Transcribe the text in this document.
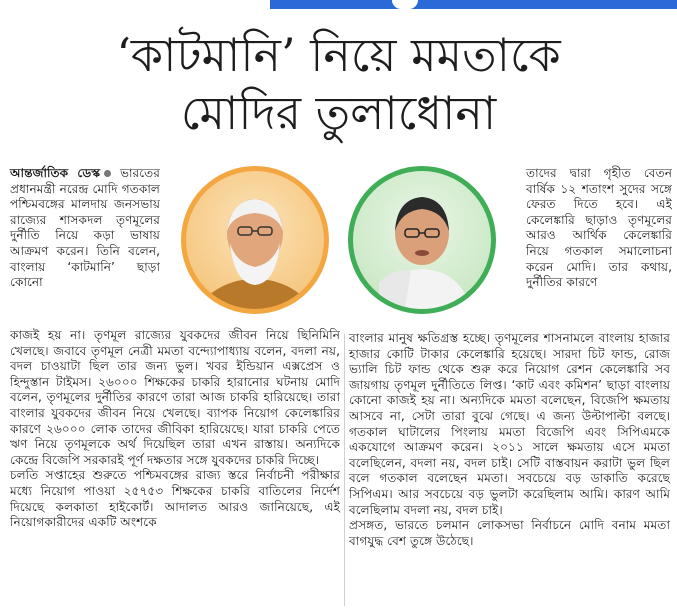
‘কাটমানি’ নিয়ে মমতাকে
মোদির তুলাধোনা

আন্তর্জাতিক ডেস্ক ভারতের প্রধানমন্ত্রী নরেন্দ্র মোদি গতকাল পশ্চিমবঙ্গের মালদায় জনসভায় রাজ্যের শাসকদল তৃণমূলের দুর্নীতি নিয়ে কড়া ভাষায় আক্রমণ করেন। তিনি বলেন, বাংলায় ‘কাটমানি’ ছাড়া কোনো

তাদের দ্বারা গৃহীত বেতন বার্ষিক ১২ শতাংশ সুদের সঙ্গে ফেরত দিতে হবে। এই কেলেঙ্কারি ছাড়াও তৃণমূলের আরও আর্থিক কেলেঙ্কারি নিয়ে গতকাল সমালোচনা করেন মোদি। তার কথায়, দুর্নীতির কারণে

কাজই হয় না। তৃণমূল রাজ্যের যুবকদের জীবন নিয়ে ছিনিমিনি খেলছে। জবাবে তৃণমূল নেত্রী মমতা বন্দ্যোপাধ্যায় বলেন, বদলা নয়, বদল চাওয়াটা ছিল তার জন্য ভুল। খবর ইন্ডিয়ান এক্সপ্রেস ও হিন্দুস্তান টাইমস। ২৬০০০ শিক্ষকের চাকরি হারানোর ঘটনায় মোদি বলেন, তৃণমূলের দুর্নীতির কারণে তারা আজ চাকরি হারিয়েছে। তারা বাংলার যুবকদের জীবন নিয়ে খেলছে। ব্যাপক নিয়োগ কেলেঙ্কারির কারণে ২৬০০০ লোক তাদের জীবিকা হারিয়েছে। যারা চাকরি পেতে ঋণ নিয়ে তৃণমূলকে অর্থ দিয়েছিল তারা এখন রাস্তায়। অন্যদিকে কেন্দ্রে বিজেপি সরকারই পূর্ণ দক্ষতার সঙ্গে যুবকদের চাকরি দিচ্ছে।

চলতি সপ্তাহের শুরুতে পশ্চিমবঙ্গের রাজ্য স্তরে নির্বাচনী পরীক্ষার মধ্যে নিয়োগ পাওয়া ২৫৭৫৩ শিক্ষকের চাকরি বাতিলের নির্দেশ দিয়েছে কলকাতা হাইকোর্ট। আদালত আরও জানিয়েছে, এই নিয়োগকারীদের একটি অংশকে

বাংলার মানুষ ক্ষতিগ্রস্ত হচ্ছে। তৃণমূলের শাসনামলে বাংলায় হাজার হাজার কোটি টাকার কেলেঙ্কারি হয়েছে। সারদা চিট ফান্ড, রোজ ভ্যালি চিট ফান্ড থেকে শুরু করে নিয়োগ রেশন কেলেঙ্কারি সব জায়গায় তৃণমূল দুর্নীতিতে লিপ্ত। ‘কাট এবং কমিশন’ ছাড়া বাংলায় কোনো কাজই হয় না। অন্যদিকে মমতা বলেছেন, বিজেপি ক্ষমতায় আসবে না, সেটা তারা বুঝে গেছে। এ জন্য উল্টাপাল্টা বলছে। গতকাল ঘাটালের পিংলায় মমতা বিজেপি এবং সিপিএমকে একযোগে আক্রমণ করেন। ২০১১ সালে ক্ষমতায় এসে মমতা বলেছিলেন, বদলা নয়, বদল চাই। সেটি বাস্তবায়ন করাটা ভুল ছিল বলে গতকাল বলেছেন মমতা। সবচেয়ে বড় ডাকাতি করেছে সিপিএম। আর সবচেয়ে বড় ভুলটা করেছিলাম আমি। কারণ আমি বলেছিলাম বদলা নয়, বদল চাই।

প্রসঙ্গত, ভারতে চলমান লোকসভা নির্বাচনে মোদি বনাম মমতা বাগযুদ্ধ বেশ তুঙ্গে উঠেছে।
